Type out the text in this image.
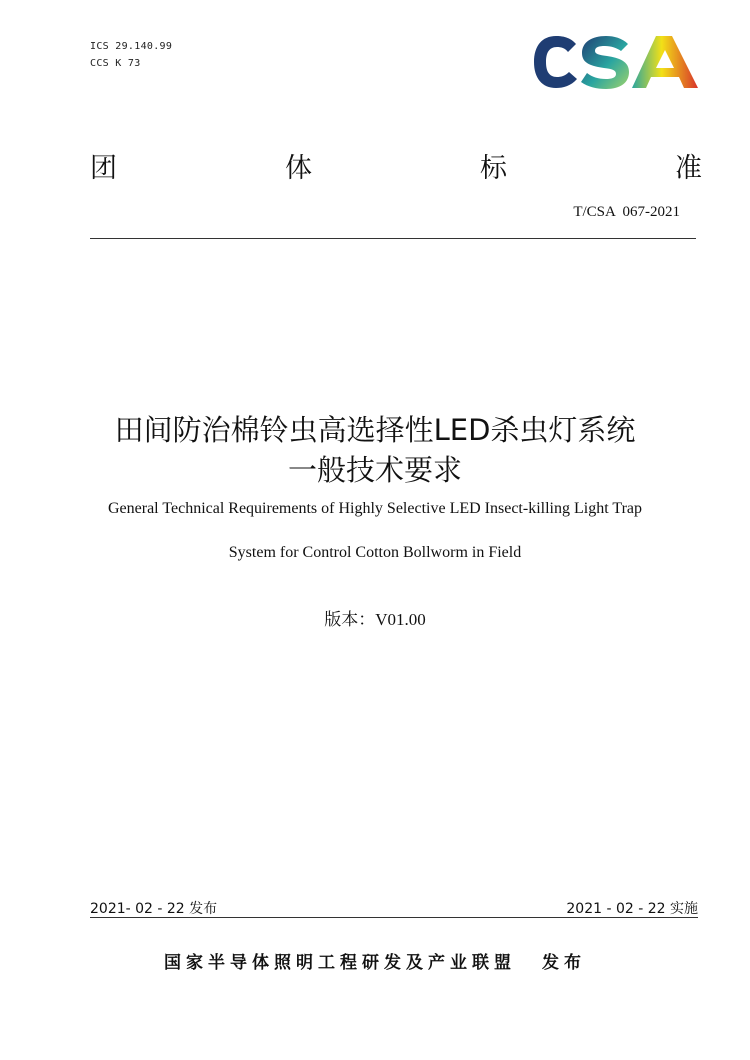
ICS 29.140.99
CCS K 73
团	体	标	准
T/CSA  067-2021
田间防治棉铃虫高选择性LED杀虫灯系统
一般技术要求
General Technical Requirements of Highly Selective LED Insect-killing Light Trap
System for Control Cotton Bollworm in Field
版本：V01.00
2021- 02 - 22 发布	2021 - 02 - 22 实施
国家半导体照明工程研发及产业联盟 发布
